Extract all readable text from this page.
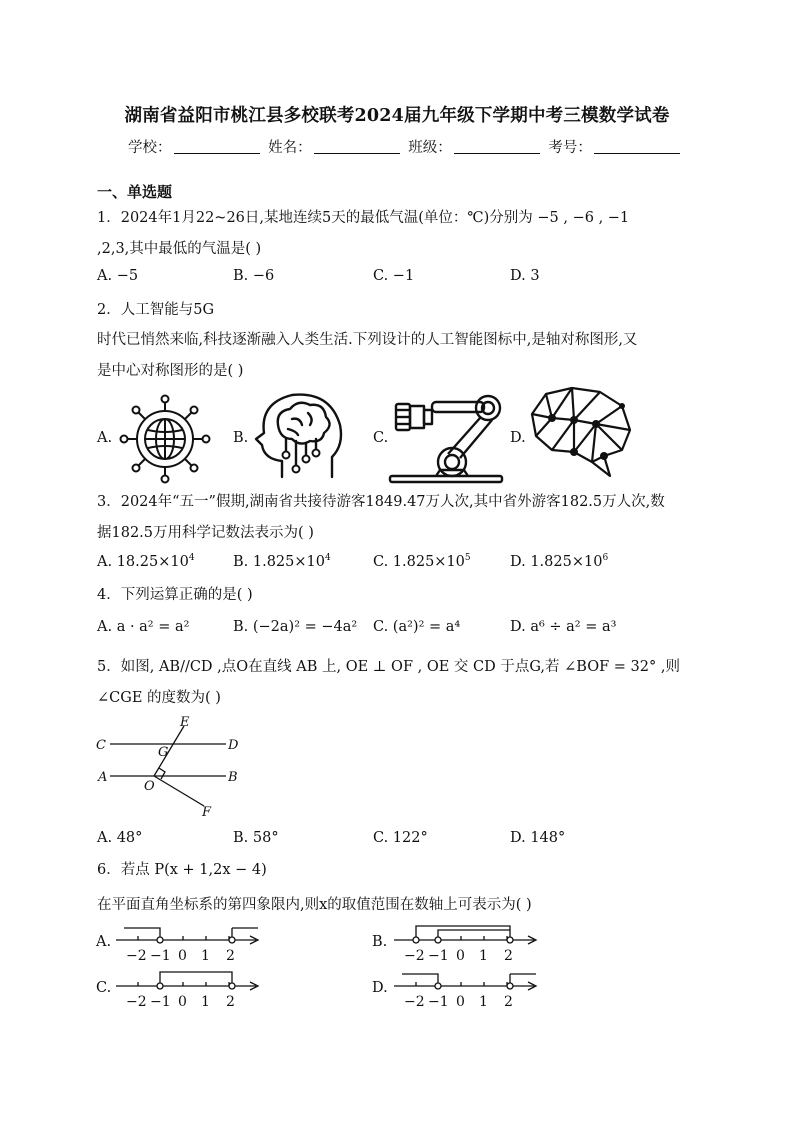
湖南省益阳市桃江县多校联考2024届九年级下学期中考三模数学试卷
学校：	姓名：	班级：	考号：
一、单选题
1．2024年1月22~26日,某地连续5天的最低气温(单位：℃)分别为 −5 , −6 , −1
,2,3,其中最低的气温是( )
A. −5	B. −6	C. −1	D. 3
2．人工智能与5G
时代已悄然来临,科技逐渐融入人类生活.下列设计的人工智能图标中,是轴对称图形,又
是中心对称图形的是( )
A.	B.	C.	D.
3．2024年“五一”假期,湖南省共接待游客1849.47万人次,其中省外游客182.5万人次,数
据182.5万用科学记数法表示为( )
A. $18.25\times 10^4$	B. $1.825\times 10^4$	C. $1.825\times 10^5$	D. $1.825\times 10^6$
4．下列运算正确的是( )
A. a · a² = a²	B. (−2a)² = −4a² C. (a²)² = a⁴	D. a⁶ ÷ a² = a³
5．如图, AB//CD ,点O在直线 AB 上, OE ⊥ OF , OE 交 CD 于点G,若 ∠BOF = 32° ,则
∠CGE 的度数为( )
C	D
A	B
E
G
O
F
A. 48°	B. 58°	C. 122°	D. 148°
6．若点 P(x + 1,2x − 4)
在平面直角坐标系的第四象限内,则x的取值范围在数轴上可表示为( )
A.
−2 −1 0 1 2
B.
−2 −1 0 1 2
C.
−2 −1 0 1 2
D.
−2 −1 0 1 2
